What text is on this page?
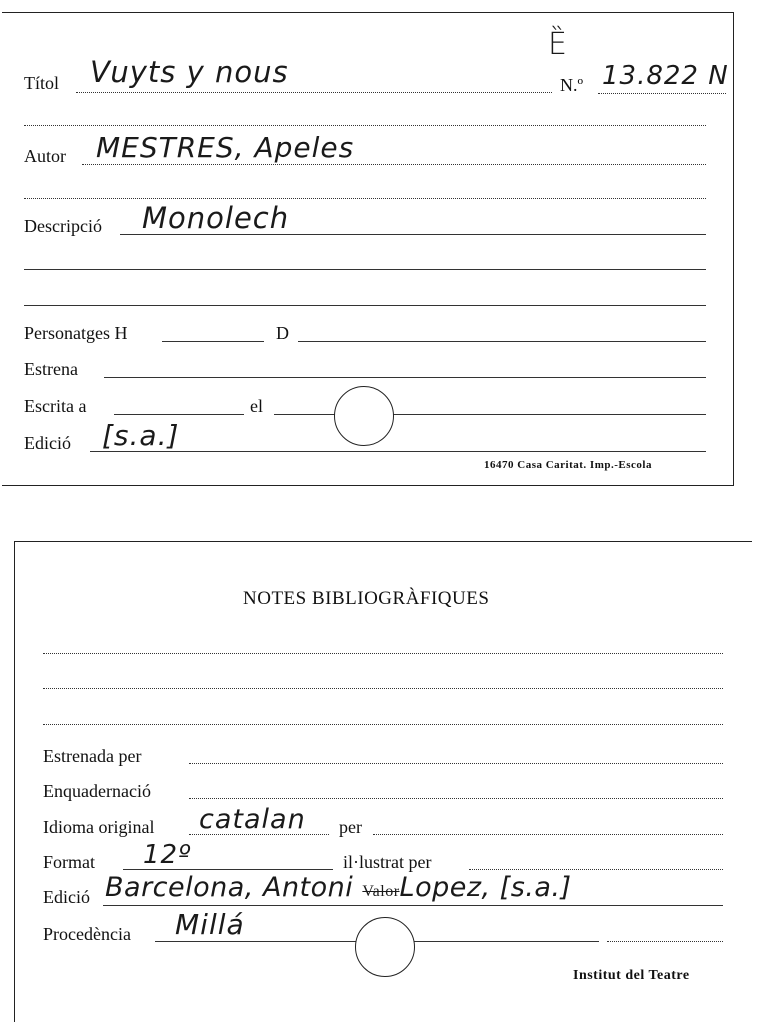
Ȅ
Títol Vuyts y nous	N.º 13.822 N
Autor MESTRES, Apeles
Descripció Monolech
Personatges H	D
Estrena
Escrita a	el
Edició [s.a.]
16470 Casa Caritat. Imp.-Escola
NOTES BIBLIOGRÀFIQUES
Estrenada per
Enquadernació
Idioma original catalan per
Format 12º	il·lustrat per
Edició Barcelona, Antoni ValorLopez, [s.a.]
Procedència Millá
Institut del Teatre
